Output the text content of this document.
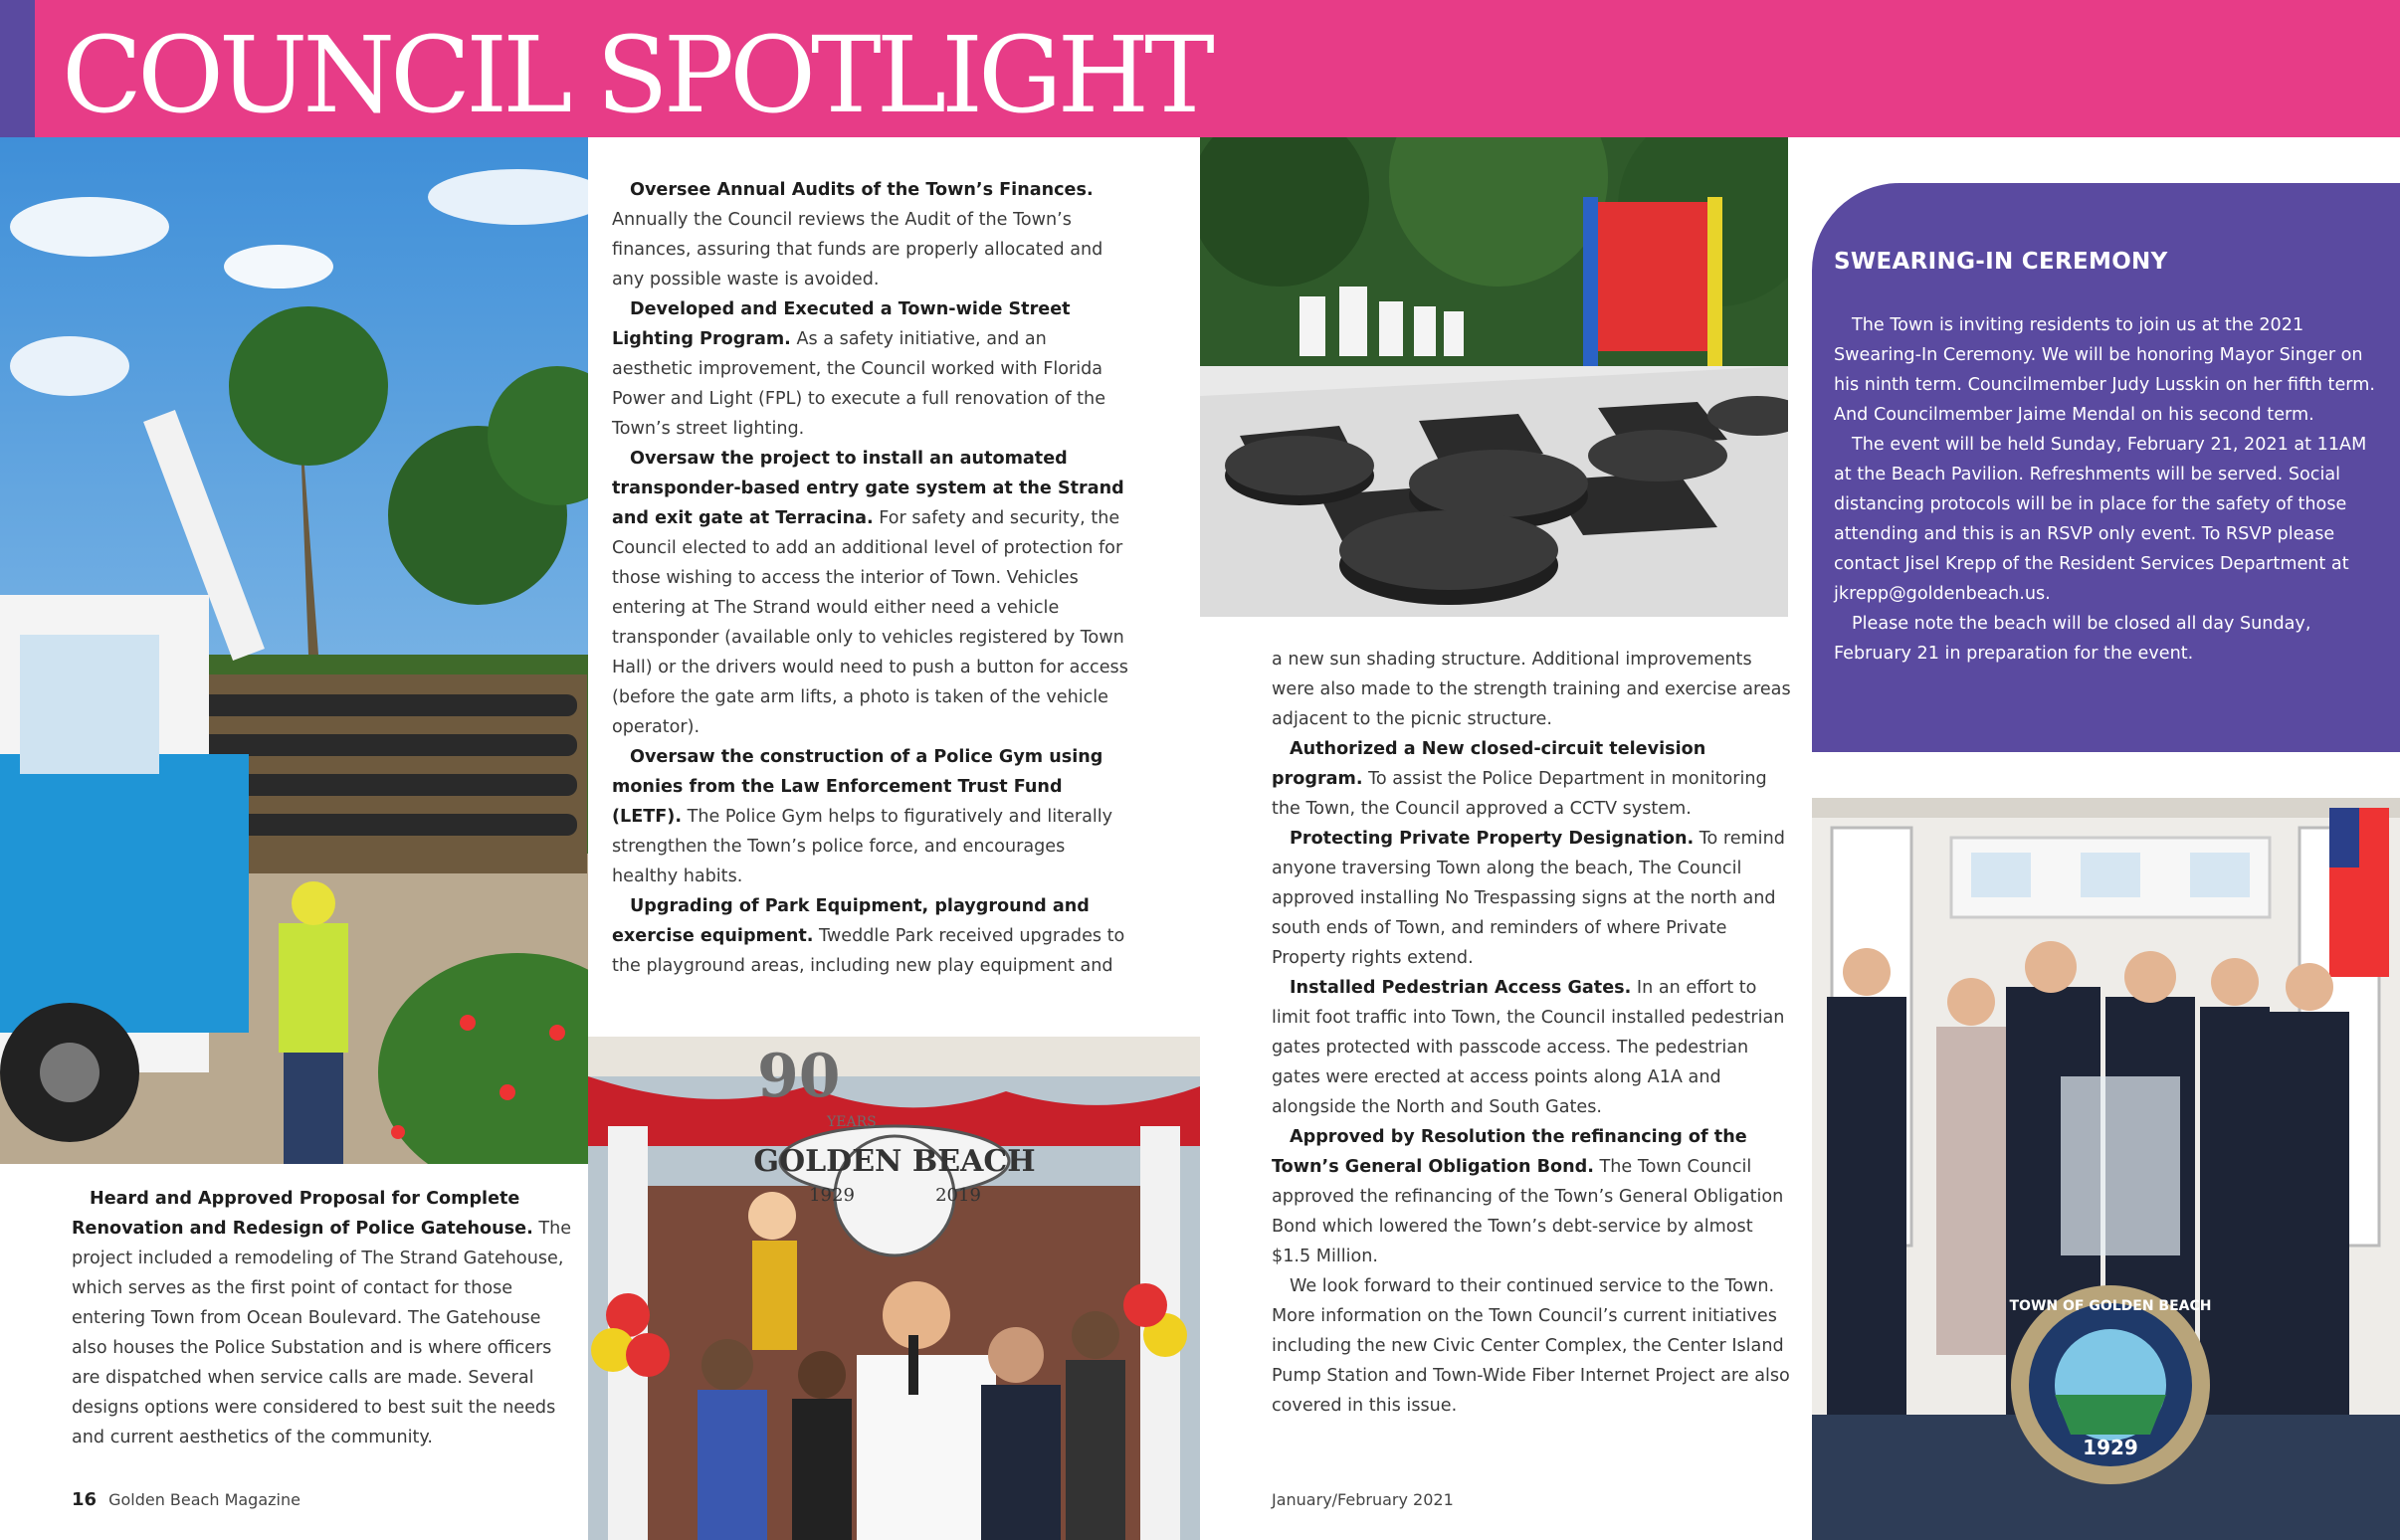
COUNCIL SPOTLIGHT
GOLDEN BEACH
90
YEARS
1929	2019
1929
TOWN OF GOLDEN BEACH

Heard and Approved Proposal for Complete Renovation and Redesign of Police Gatehouse. The project included a remodeling of The Strand Gatehouse, which serves as the first point of contact for those entering Town from Ocean Boulevard. The Gatehouse also houses the Police Substation and is where officers are dispatched when service calls are made. Several designs options were considered to best suit the needs and current aesthetics of the community.

Oversee Annual Audits of the Town’s Finances. Annually the Council reviews the Audit of the Town’s finances, assuring that funds are properly allocated and any possible waste is avoided.

Developed and Executed a Town-wide Street Lighting Program. As a safety initiative, and an aesthetic improvement, the Council worked with Florida Power and Light (FPL) to execute a full renovation of the Town’s street lighting.

Oversaw the project to install an automated transponder-based entry gate system at the Strand and exit gate at Terracina. For safety and security, the Council elected to add an additional level of protection for those wishing to access the interior of Town. Vehicles entering at The Strand would either need a vehicle transponder (available only to vehicles registered by Town Hall) or the drivers would need to push a button for access (before the gate arm lifts, a photo is taken of the vehicle operator).

Oversaw the construction of a Police Gym using monies from the Law Enforcement Trust Fund (LETF). The Police Gym helps to figuratively and literally strengthen the Town’s police force, and encourages healthy habits.

Upgrading of Park Equipment, playground and exercise equipment. Tweddle Park received upgrades to the playground areas, including new play equipment and

a new sun shading structure. Additional improvements were also made to the strength training and exercise areas adjacent to the picnic structure.

Authorized a New closed-circuit television program. To assist the Police Department in monitoring the Town, the Council approved a CCTV system.

Protecting Private Property Designation. To remind anyone traversing Town along the beach, The Council approved installing No Trespassing signs at the north and south ends of Town, and reminders of where Private Property rights extend.

Installed Pedestrian Access Gates. In an effort to limit foot traffic into Town, the Council installed pedestrian gates protected with passcode access. The pedestrian gates were erected at access points along A1A and alongside the North and South Gates.

Approved by Resolution the refinancing of the Town’s General Obligation Bond. The Town Council approved the refinancing of the Town’s General Obligation Bond which lowered the Town’s debt-service by almost $1.5 Million.

We look forward to their continued service to the Town. More information on the Town Council’s current initiatives including the new Civic Center Complex, the Center Island Pump Station and Town-Wide Fiber Internet Project are also covered in this issue.

SWEARING-IN CEREMONY

The Town is inviting residents to join us at the 2021 Swearing-In Ceremony. We will be honoring Mayor Singer on his ninth term. Councilmember Judy Lusskin on her fifth term. And Councilmember Jaime Mendal on his second term.

The event will be held Sunday, February 21, 2021 at 11AM at the Beach Pavilion. Refreshments will be served. Social distancing protocols will be in place for the safety of those attending and this is an RSVP only event. To RSVP please contact Jisel Krepp of the Resident Services Department at jkrepp@goldenbeach.us.

Please note the beach will be closed all day Sunday, February 21 in preparation for the event.

16 Golden Beach Magazine	January/February 2021
